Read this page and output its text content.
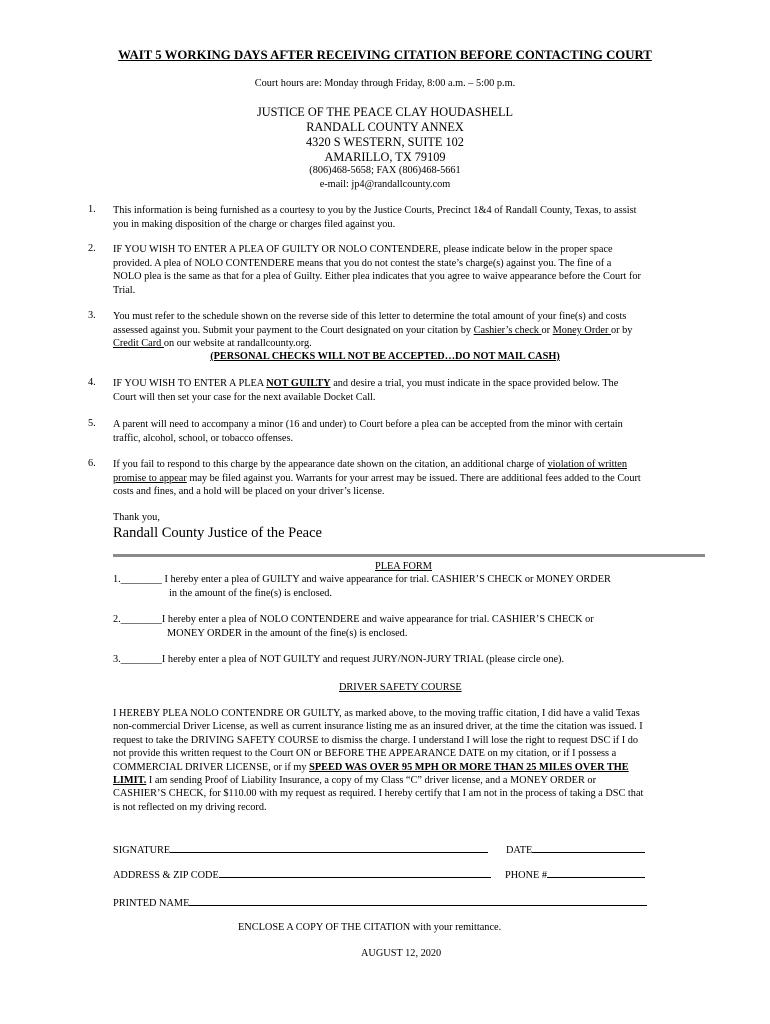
WAIT 5 WORKING DAYS AFTER RECEIVING CITATION BEFORE CONTACTING COURT
Court hours are: Monday through Friday, 8:00 a.m. – 5:00 p.m.
JUSTICE OF THE PEACE CLAY HOUDASHELL
RANDALL COUNTY ANNEX
4320 S WESTERN, SUITE 102
AMARILLO, TX 79109
(806)468-5658; FAX (806)468-5661
e-mail: jp4@randallcounty.com
1. This information is being furnished as a courtesy to you by the Justice Courts, Precinct 1&4 of Randall County, Texas, to assist
you in making disposition of the charge or charges filed against you.
2. IF YOU WISH TO ENTER A PLEA OF GUILTY OR NOLO CONTENDERE, please indicate below in the proper space
provided. A plea of NOLO CONTENDERE means that you do not contest the state’s charge(s) against you. The fine of a
NOLO plea is the same as that for a plea of Guilty. Either plea indicates that you agree to waive appearance before the Court for
Trial.
3. You must refer to the schedule shown on the reverse side of this letter to determine the total amount of your fine(s) and costs
assessed against you. Submit your payment to the Court designated on your citation by Cashier’s check or Money Order or by
Credit Card on our website at randallcounty.org.
(PERSONAL CHECKS WILL NOT BE ACCEPTED…DO NOT MAIL CASH)
4. IF YOU WISH TO ENTER A PLEA NOT GUILTY and desire a trial, you must indicate in the space provided below. The
Court will then set your case for the next available Docket Call.
5. A parent will need to accompany a minor (16 and under) to Court before a plea can be accepted from the minor with certain
traffic, alcohol, school, or tobacco offenses.
6. If you fail to respond to this charge by the appearance date shown on the citation, an additional charge of violation of written
promise to appear may be filed against you. Warrants for your arrest may be issued. There are additional fees added to the Court
costs and fines, and a hold will be placed on your driver’s license.
Thank you,
Randall County Justice of the Peace
PLEA FORM
1.________ I hereby enter a plea of GUILTY and waive appearance for trial. CASHIER’S CHECK or MONEY ORDER
in the amount of the fine(s) is enclosed.
2.________I hereby enter a plea of NOLO CONTENDERE and waive appearance for trial. CASHIER’S CHECK or
MONEY ORDER in the amount of the fine(s) is enclosed.
3.________I hereby enter a plea of NOT GUILTY and request JURY/NON-JURY TRIAL (please circle one).
DRIVER SAFETY COURSE
I HEREBY PLEA NOLO CONTENDRE OR GUILTY, as marked above, to the moving traffic citation, I did have a valid Texas
non-commercial Driver License, as well as current insurance listing me as an insured driver, at the time the citation was issued. I
request to take the DRIVING SAFETY COURSE to dismiss the charge. I understand I will lose the right to request DSC if I do
not provide this written request to the Court ON or BEFORE THE APPEARANCE DATE on my citation, or if I possess a
COMMERCIAL DRIVER LICENSE, or if my SPEED WAS OVER 95 MPH OR MORE THAN 25 MILES OVER THE
LIMIT. I am sending Proof of Liability Insurance, a copy of my Class “C” driver license, and a MONEY ORDER or
CASHIER’S CHECK, for $110.00 with my request as required. I hereby certify that I am not in the process of taking a DSC that
is not reflected on my driving record.
SIGNATURE	DATE
ADDRESS & ZIP CODE	PHONE #
PRINTED NAME
ENCLOSE A COPY OF THE CITATION with your remittance.
AUGUST 12, 2020
